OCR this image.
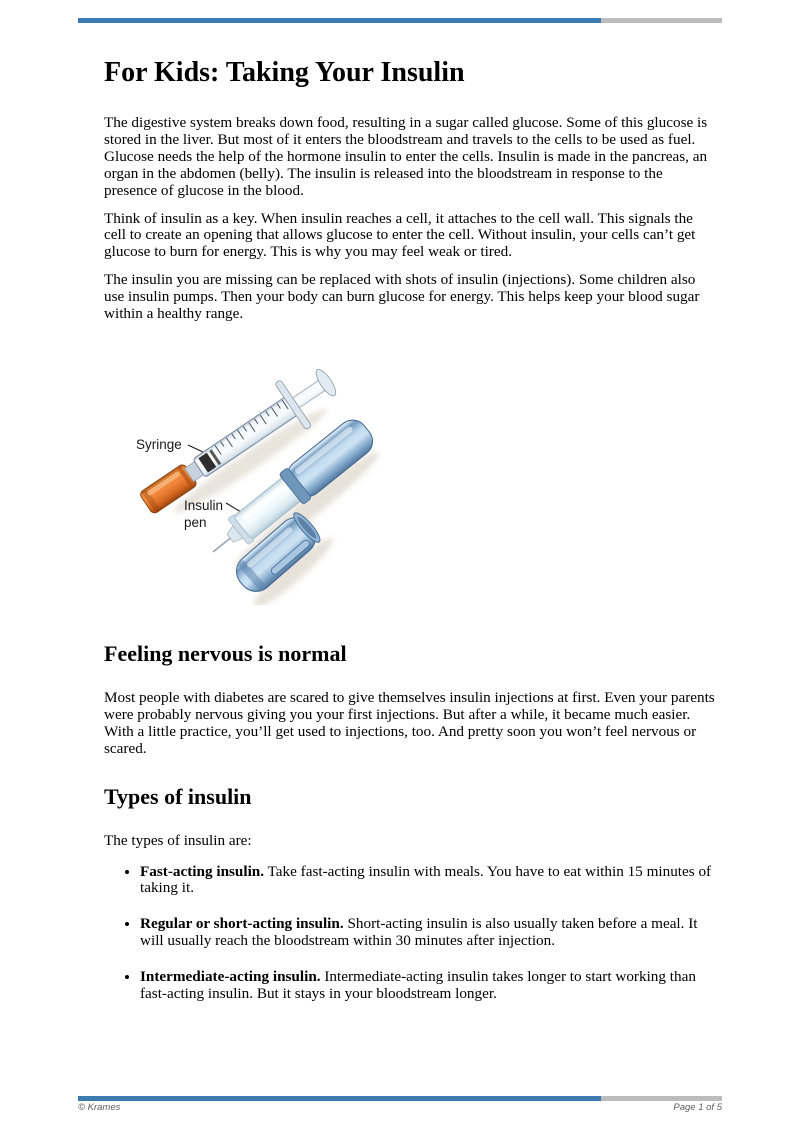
For Kids: Taking Your Insulin

The digestive system breaks down food, resulting in a sugar called glucose. Some of this glucose is stored in the liver. But most of it enters the bloodstream and travels to the cells to be used as fuel. Glucose needs the help of the hormone insulin to enter the cells. Insulin is made in the pancreas, an organ in the abdomen (belly). The insulin is released into the bloodstream in response to the presence of glucose in the blood.

Think of insulin as a key. When insulin reaches a cell, it attaches to the cell wall. This signals the cell to create an opening that allows glucose to enter the cell. Without insulin, your cells can’t get glucose to burn for energy. This is why you may feel weak or tired.

The insulin you are missing can be replaced with shots of insulin (injections). Some children also use insulin pumps. Then your body can burn glucose for energy. This helps keep your blood sugar within a healthy range.

Syringe
Insulin
pen
Feeling nervous is normal

Most people with diabetes are scared to give themselves insulin injections at first. Even your parents were probably nervous giving you your first injections. But after a while, it became much easier. With a little practice, you’ll get used to injections, too. And pretty soon you won’t feel nervous or scared.

Types of insulin

The types of insulin are:

• Fast-acting insulin. Take fast-acting insulin with meals. You have to eat within 15 minutes of taking it.
• Regular or short-acting insulin. Short-acting insulin is also usually taken before a meal. It will usually reach the bloodstream within 30 minutes after injection.
• Intermediate-acting insulin. Intermediate-acting insulin takes longer to start working than fast-acting insulin. But it stays in your bloodstream longer.
© Krames	Page 1 of 5
